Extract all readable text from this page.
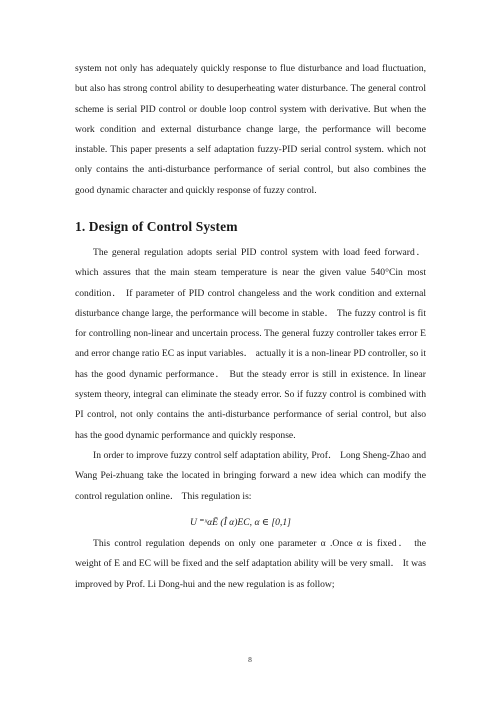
system not only has adequately quickly response to flue disturbance and load fluctuation, but also has strong control ability to desuperheating water disturbance. The general control scheme is serial PID control or double loop control system with derivative. But when the work condition and external disturbance change large, the performance will become instable. This paper presents a self adaptation fuzzy-PID serial control system. which not only contains the anti-disturbance performance of serial control, but also combines the good dynamic character and quickly response of fuzzy control.

1. Design of Control System

The general regulation adopts serial PID control system with load feed forward． which assures that the main steam temperature is near the given value 540°Cin most condition． If parameter of PID control changeless and the work condition and external disturbance change large, the performance will become in stable． The fuzzy control is fit for controlling non-linear and uncertain process. The general fuzzy controller takes error E and error change ratio EC as input variables． actually it is a non-linear PD controller, so it has the good dynamic performance． But the steady error is still in existence. In linear system theory, integral can eliminate the steady error. So if fuzzy control is combined with PI control, not only contains the anti-disturbance performance of serial control, but also has the good dynamic performance and quickly response.

In order to improve fuzzy control self adaptation ability, Prof． Long Sheng-Zhao and Wang Pei-zhuang take the located in bringing forward a new idea which can modify the control regulation online． This regulation is:

U ⁼ˣαĒ (Î α)EC, α ∈ [0,1]

This control regulation depends on only one parameter α .Once α is fixed． the weight of E and EC will be fixed and the self adaptation ability will be very small． It was improved by Prof. Li Dong-hui and the new regulation is as follow;

8
